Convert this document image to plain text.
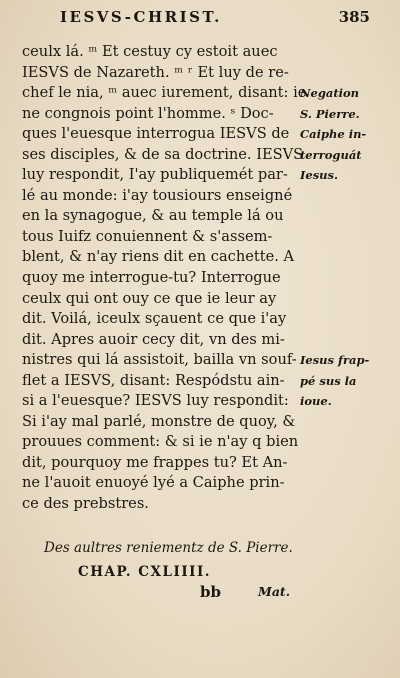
IESVS-CHRIST.	385
ceulx lá. ᵐ Et cestuy cy estoit auec
IESVS de Nazareth. ᵐ ʳ Et luy de re-
chef le nia, ᵐ auec iurement, disant: ie
ne congnois point l'homme. ˢ Doc-
ques l'euesque interrogua IESVS de
ses disciples, & de sa doctrine. IESVS
luy respondit, I'ay publiquemét par-
lé au monde: i'ay tousiours enseigné
en la synagogue, & au temple lá ou
tous Iuifz conuiennent & s'assem-
blent, & n'ay riens dit en cachette. A
quoy me interrogue-tu? Interrogue
ceulx qui ont ouy ce que ie leur ay
dit. Voilá, iceulx sçauent ce que i'ay
dit. Apres auoir cecy dit, vn des mi-
nistres qui lá assistoit, bailla vn souf-
flet a IESVS, disant: Respódstu ain-
si a l'euesque? IESVS luy respondit:
Si i'ay mal parlé, monstre de quoy, &
prouues comment: & si ie n'ay q bien
dit, pourquoy me frappes tu? Et An-
ne l'auoit enuoyé lyé a Caiphe prin-
ce des prebstres.
Negation
S. Pierre.
Caiphe in-
terroguát
Iesus.
Iesus frap-
pé sus la
ioue.
Des aultres reniementz de S. Pierre.
CHAP. CXLIIII.
bb	Mat.
